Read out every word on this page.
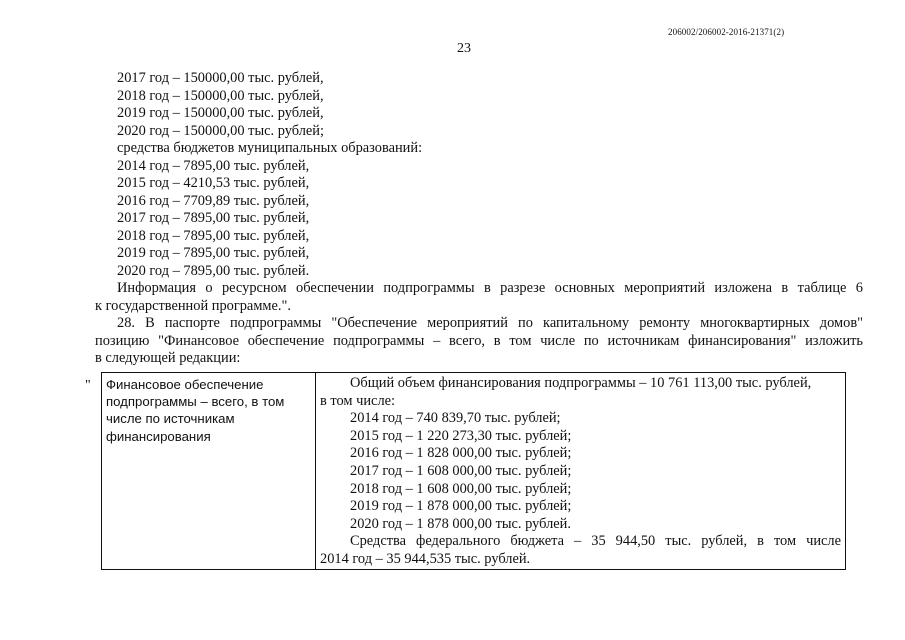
206002/206002-2016-21371(2)
23
2017 год – 150000,00 тыс. рублей,
2018 год – 150000,00 тыс. рублей,
2019 год – 150000,00 тыс. рублей,
2020 год – 150000,00 тыс. рублей;
средства бюджетов муниципальных образований:
2014 год – 7895,00 тыс. рублей,
2015 год – 4210,53 тыс. рублей,
2016 год – 7709,89 тыс. рублей,
2017 год – 7895,00 тыс. рублей,
2018 год – 7895,00 тыс. рублей,
2019 год – 7895,00 тыс. рублей,
2020 год – 7895,00 тыс. рублей.
Информация о ресурсном обеспечении подпрограммы в разрезе основных мероприятий изложена в таблице 6
к государственной программе.".
28. В паспорте подпрограммы "Обеспечение мероприятий по капитальному ремонту многоквартирных домов"
позицию "Финансовое обеспечение подпрограммы – всего, в том числе по источникам финансирования" изложить
в следующей редакции:
" Финансовое обеспечение
подпрограммы – всего, в том
числе по источникам
финансирования

Общий объем финансирования подпрограммы – 10 761 113,00 тыс. рублей,
в том числе:
2014 год – 740 839,70 тыс. рублей;
2015 год – 1 220 273,30 тыс. рублей;
2016 год – 1 828 000,00 тыс. рублей;
2017 год – 1 608 000,00 тыс. рублей;
2018 год – 1 608 000,00 тыс. рублей;
2019 год – 1 878 000,00 тыс. рублей;
2020 год – 1 878 000,00 тыс. рублей.
Средства федерального бюджета – 35 944,50 тыс. рублей, в том числе
2014 год – 35 944,535 тыс. рублей.
